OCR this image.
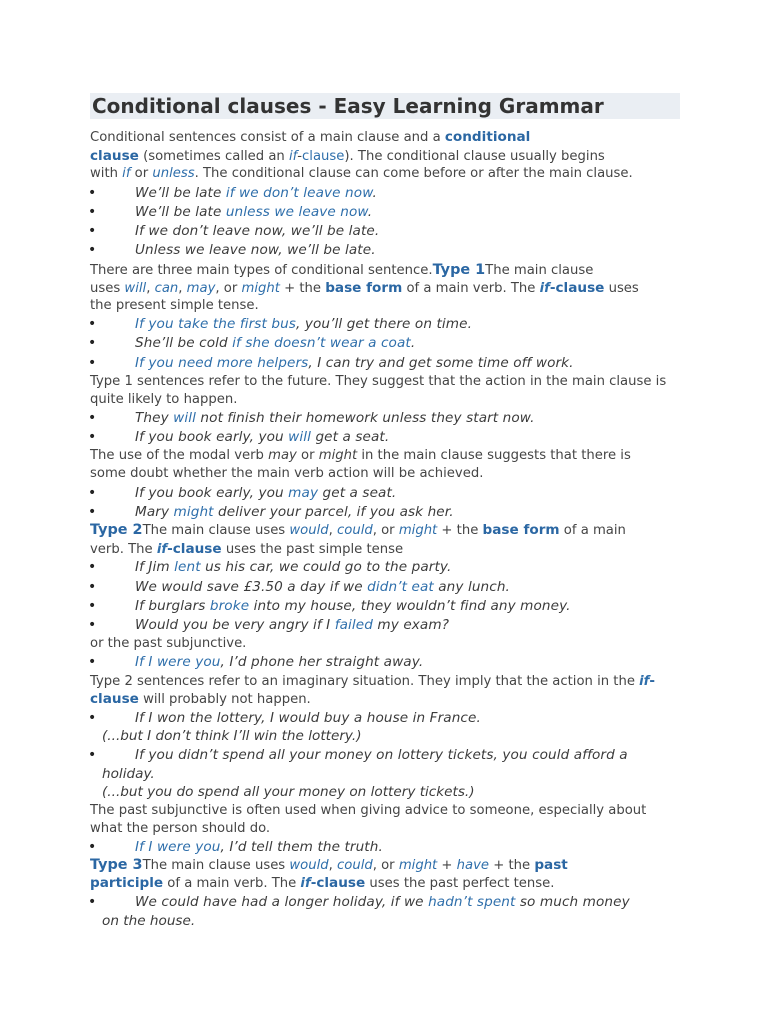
Conditional clauses - Easy Learning Grammar

Conditional sentences consist of a main clause and a conditional

clause (sometimes called an if-clause). The conditional clause usually begins

with if or unless. The conditional clause can come before or after the main clause.

•	We’ll be late if we don’t leave now.
•	We’ll be late unless we leave now.
•	If we don’t leave now, we’ll be late.
•	Unless we leave now, we’ll be late.

There are three main types of conditional sentence.Type 1The main clause

uses will, can, may, or might + the base form of a main verb. The if-clause uses

the present simple tense.

•	If you take the first bus, you’ll get there on time.
•	She’ll be cold if she doesn’t wear a coat.
•	If you need more helpers, I can try and get some time off work.

Type 1 sentences refer to the future. They suggest that the action in the main clause is

quite likely to happen.

•	They will not finish their homework unless they start now.
•	If you book early, you will get a seat.

The use of the modal verb may or might in the main clause suggests that there is

some doubt whether the main verb action will be achieved.

•	If you book early, you may get a seat.
•	Mary might deliver your parcel, if you ask her.

Type 2The main clause uses would, could, or might + the base form of a main

verb. The if-clause uses the past simple tense

•	If Jim lent us his car, we could go to the party.
•	We would save £3.50 a day if we didn’t eat any lunch.
•	If burglars broke into my house, they wouldn’t find any money.
•	Would you be very angry if I failed my exam?

or the past subjunctive.

•	If I were you, I’d phone her straight away.

Type 2 sentences refer to an imaginary situation. They imply that the action in the if-

clause will probably not happen.

•	If I won the lottery, I would buy a house in France.

(...but I don’t think I’ll win the lottery.)

•	If you didn’t spend all your money on lottery tickets, you could afford a

holiday.

(...but you do spend all your money on lottery tickets.)

The past subjunctive is often used when giving advice to someone, especially about

what the person should do.

•	If I were you, I’d tell them the truth.

Type 3The main clause uses would, could, or might + have + the past

participle of a main verb. The if-clause uses the past perfect tense.

•	We could have had a longer holiday, if we hadn’t spent so much money

on the house.
